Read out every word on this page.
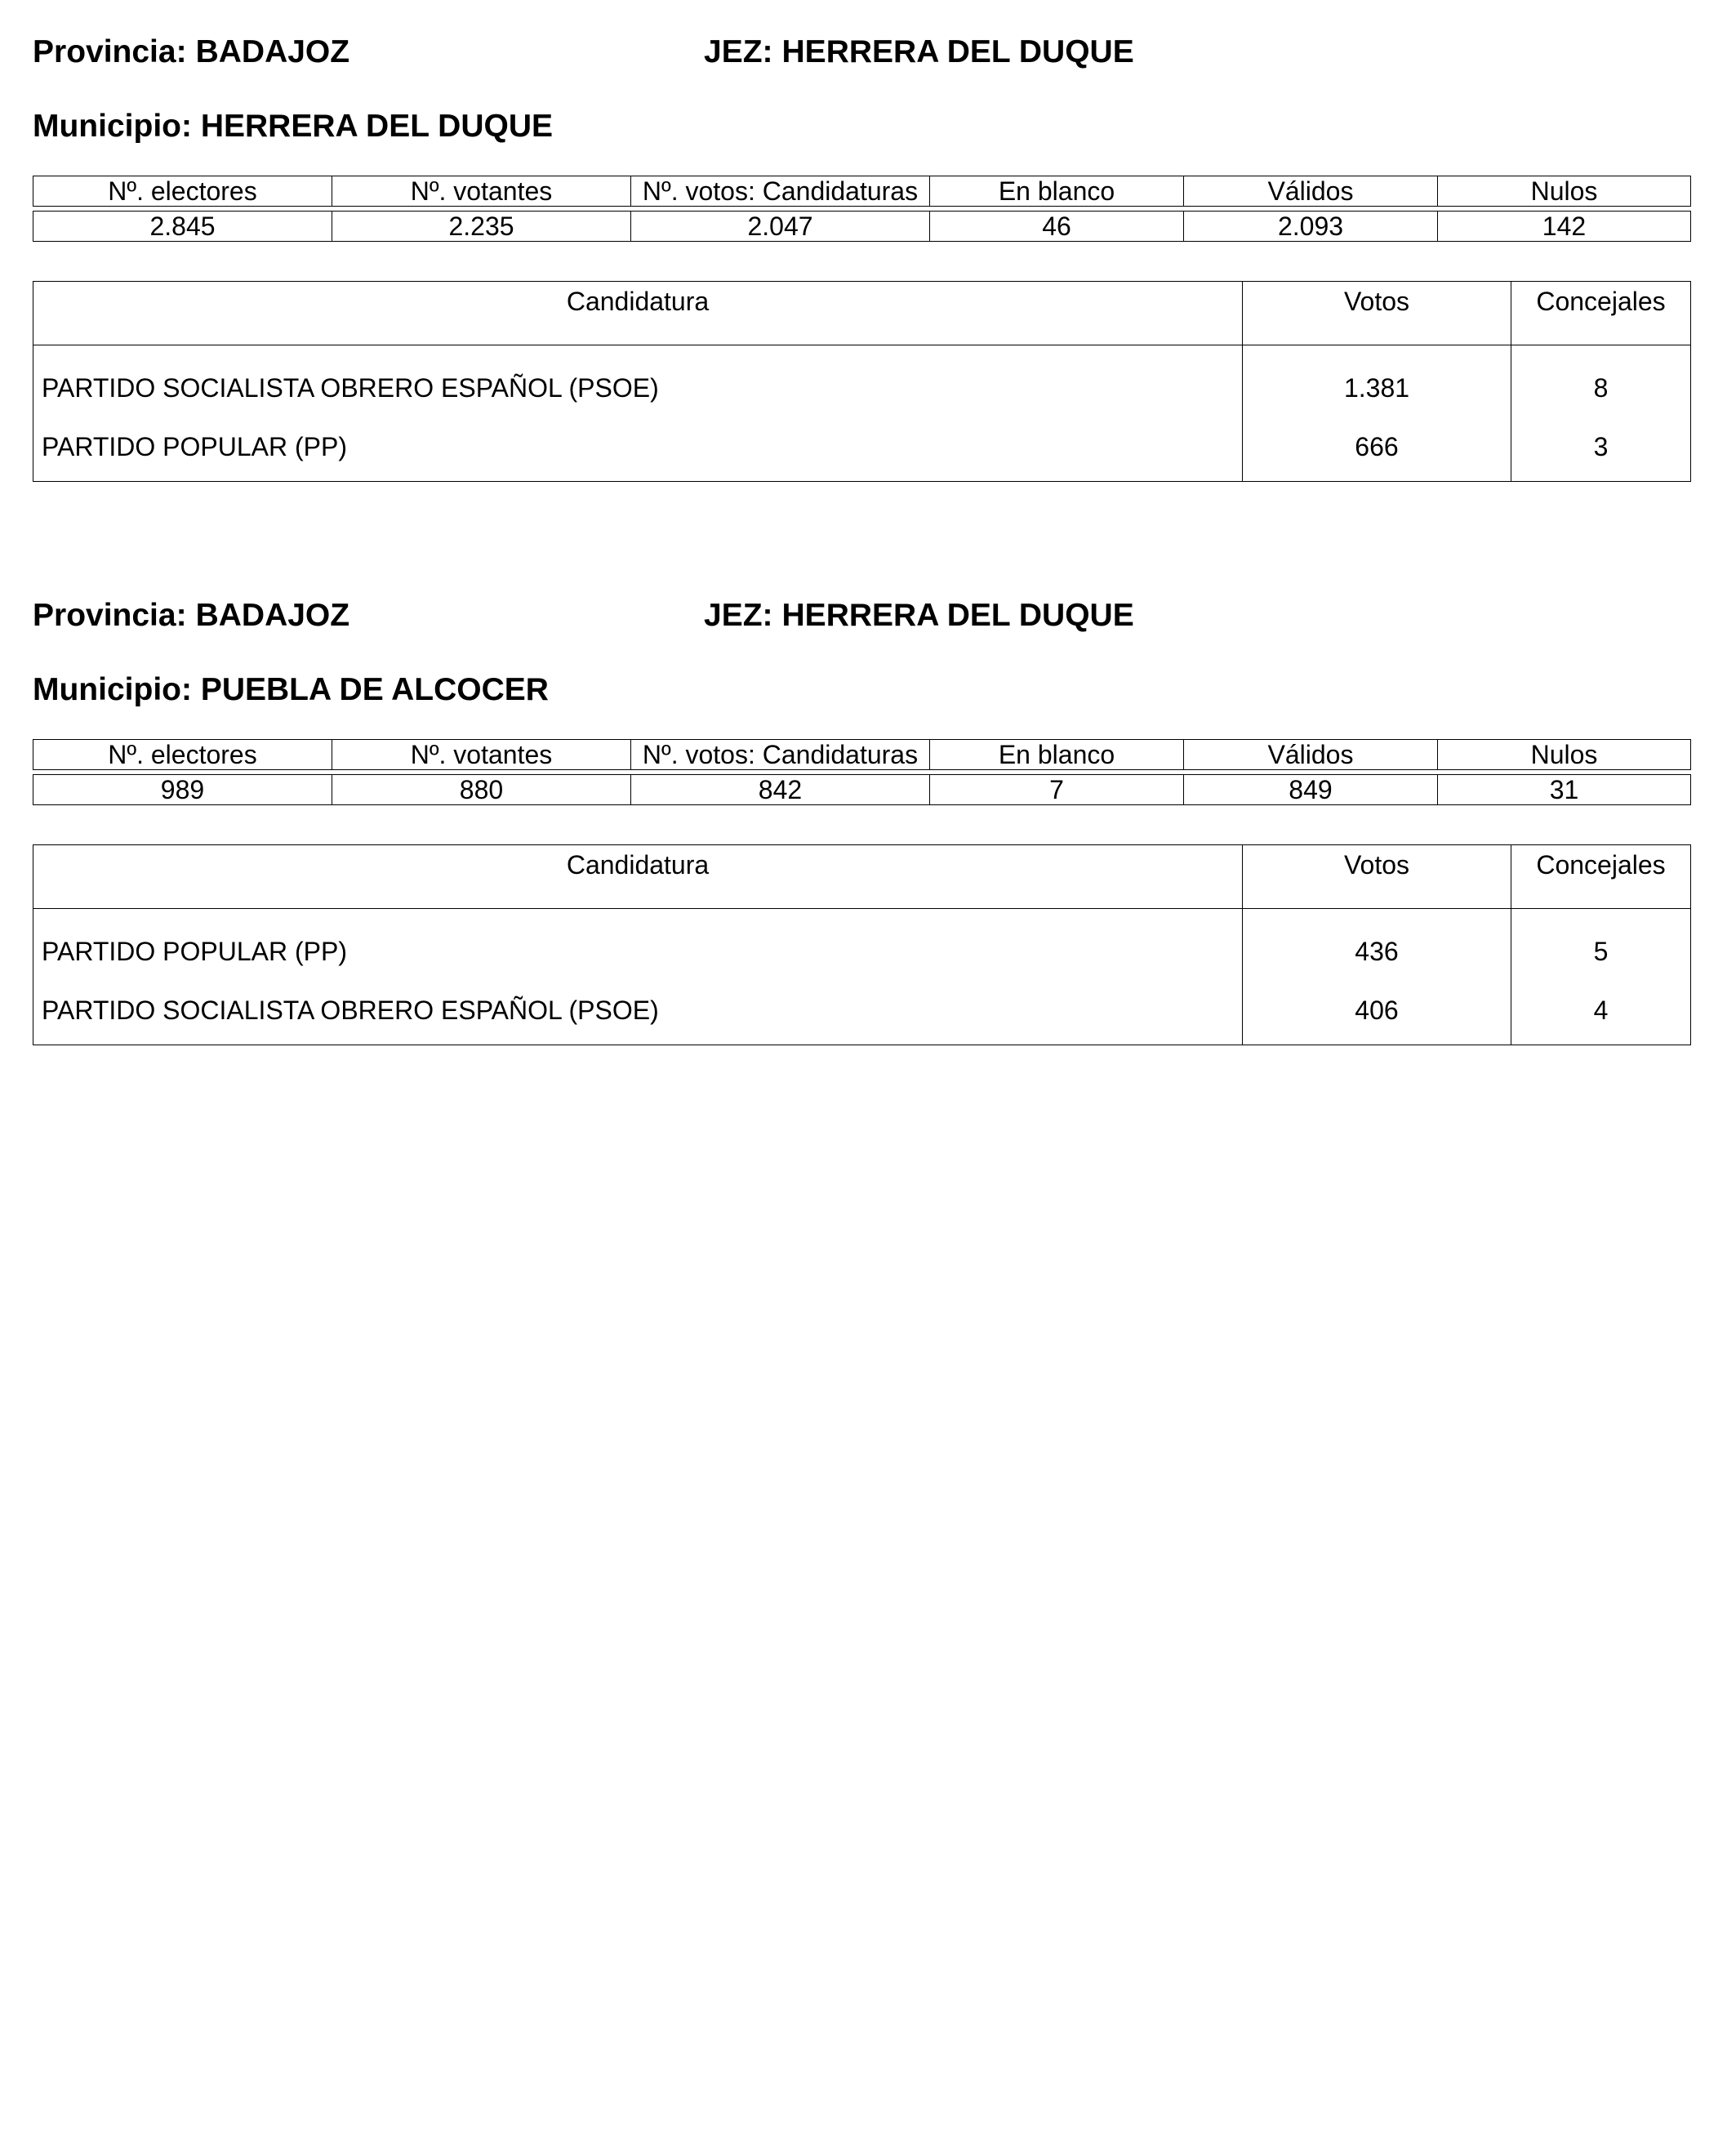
Provincia: BADAJOZ	JEZ: HERRERA DEL DUQUE
Municipio: HERRERA DEL DUQUE
Nº. electores	Nº. votantes	Nº. votos: Candidaturas	En blanco	Válidos	Nulos
2.845	2.235	2.047	46	2.093	142
Candidatura	Votos	Concejales
PARTIDO SOCIALISTA OBRERO ESPAÑOL (PSOE)	1.381	8
PARTIDO POPULAR (PP)	666	3
Provincia: BADAJOZ	JEZ: HERRERA DEL DUQUE
Municipio: PUEBLA DE ALCOCER
Nº. electores	Nº. votantes	Nº. votos: Candidaturas	En blanco	Válidos	Nulos
989	880	842	7	849	31
Candidatura	Votos	Concejales
PARTIDO POPULAR (PP)	436	5
PARTIDO SOCIALISTA OBRERO ESPAÑOL (PSOE)	406	4
